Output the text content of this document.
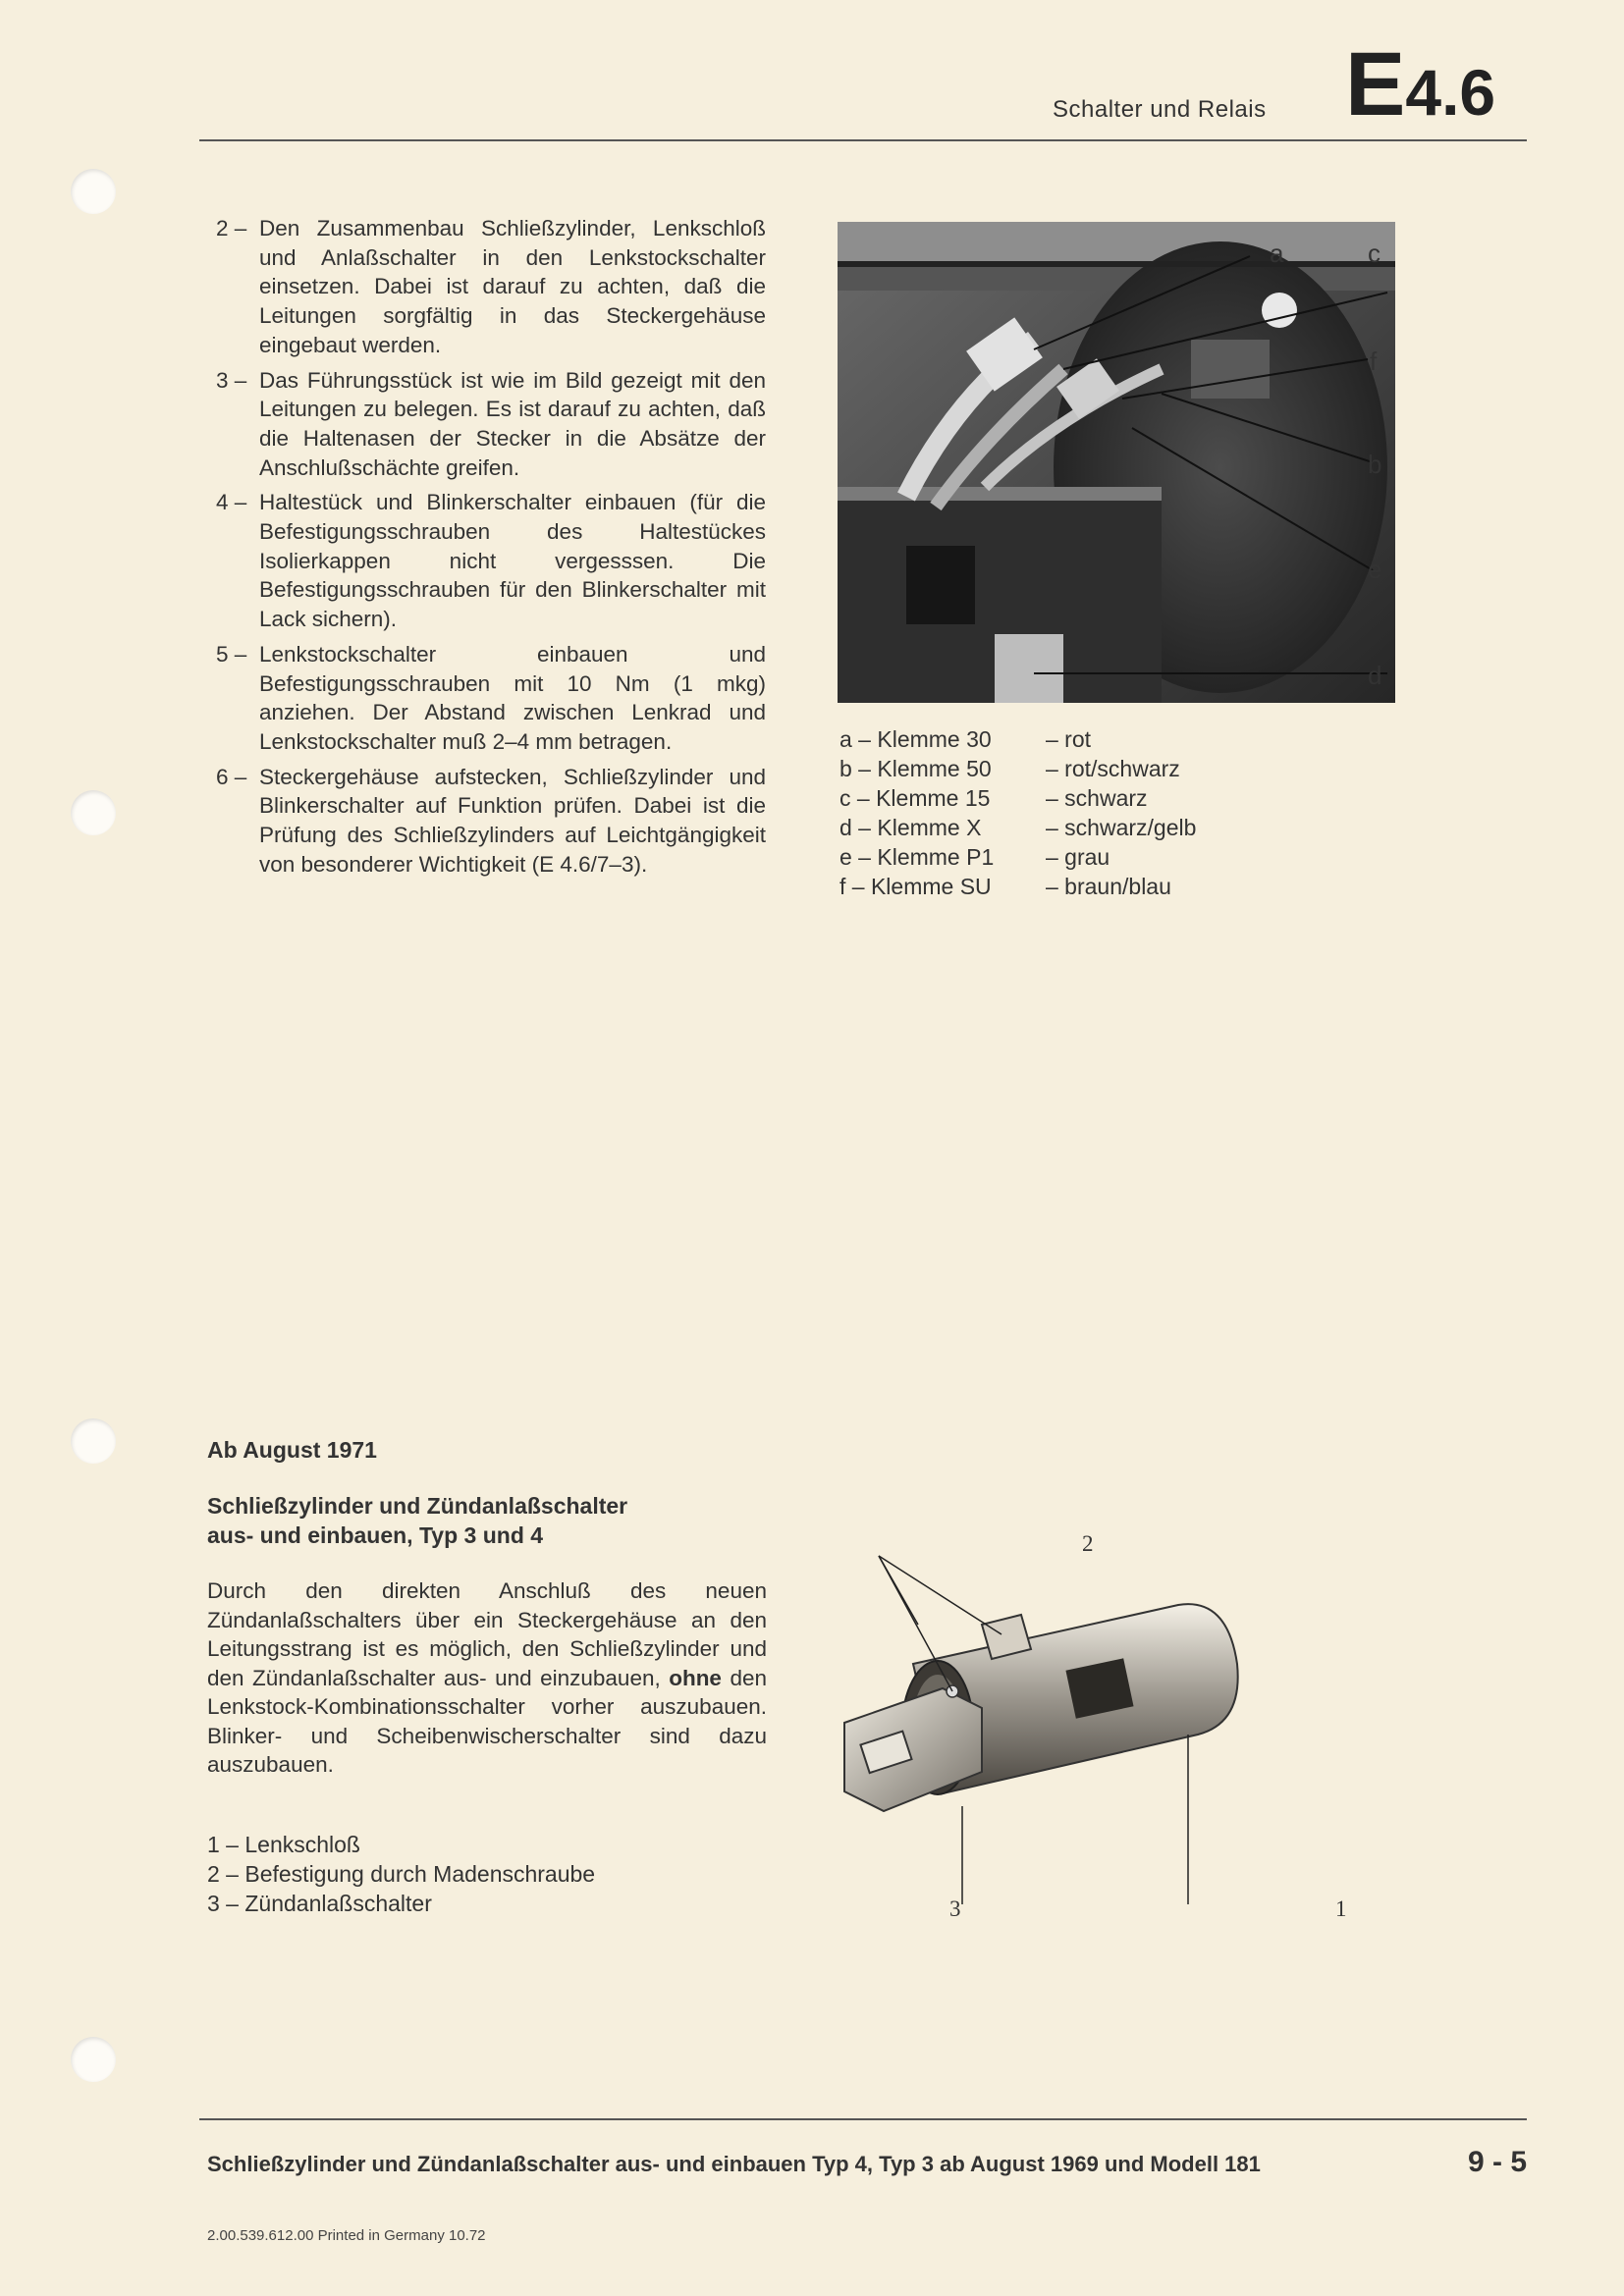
Schalter und Relais E4.6
2 – Den Zusammenbau Schließzylinder, Lenkschloß und Anlaßschalter in den Lenkstockschalter einsetzen. Dabei ist darauf zu achten, daß die Leitungen sorgfältig in das Steckergehäuse eingebaut werden.
3 – Das Führungsstück ist wie im Bild gezeigt mit den Leitungen zu belegen. Es ist darauf zu achten, daß die Haltenasen der Stecker in die Absätze der Anschlußschächte greifen.
4 – Haltestück und Blinkerschalter einbauen (für die Befestigungsschrauben des Haltestückes Isolierkappen nicht vergesssen. Die Befestigungsschrauben für den Blinkerschalter mit Lack sichern).
5 – Lenkstockschalter einbauen und Befestigungsschrauben mit 10 Nm (1 mkg) anziehen. Der Abstand zwischen Lenkrad und Lenkstockschalter muß 2–4 mm betragen.
6 – Steckergehäuse aufstecken, Schließzylinder und Blinkerschalter auf Funktion prüfen. Dabei ist die Prüfung des Schließzylinders auf Leichtgängigkeit von besonderer Wichtigkeit (E 4.6/7–3).
a	c
f
b
e
d
a – Klemme 30 – rot
b – Klemme 50 – rot/schwarz
c – Klemme 15 – schwarz
d – Klemme X	– schwarz/gelb
e – Klemme P1 – grau
f – Klemme SU – braun/blau
Ab August 1971
Schließzylinder und Zündanlaßschalter
aus- und einbauen, Typ 3 und 4
Durch den direkten Anschluß des neuen Zündanlaßschalters über ein Steckergehäuse an den Leitungsstrang ist es möglich, den Schließzylinder und den Zündanlaßschalter aus- und einzubauen, ohne den Lenkstock-Kombinationsschalter vorher auszubauen. Blinker- und Scheibenwischerschalter sind dazu auszubauen.
1 – Lenkschloß
2 – Befestigung durch Madenschraube
3 – Zündanlaßschalter
2
3	1
Schließzylinder und Zündanlaßschalter aus- und einbauen Typ 4, Typ 3 ab August 1969 und Modell 181	9 - 5
2.00.539.612.00 Printed in Germany 10.72
